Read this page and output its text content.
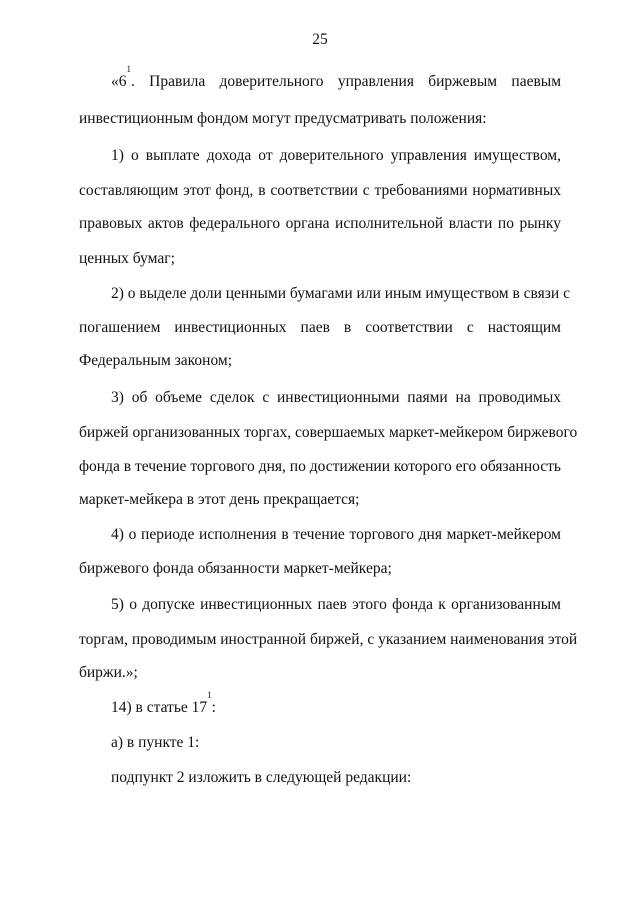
25
«$6^1$. Правила доверительного управления биржевым паевым
инвестиционным фондом могут предусматривать положения:
1) о выплате дохода от доверительного управления имуществом,
составляющим этот фонд, в соответствии с требованиями нормативных
правовых актов федерального органа исполнительной власти по рынку
ценных бумаг;
2) о выделе доли ценными бумагами или иным имуществом в связи с
погашением инвестиционных паев в соответствии с настоящим
Федеральным законом;
3) об объеме сделок с инвестиционными паями на проводимых
биржей организованных торгах, совершаемых маркет-мейкером биржевого
фонда в течение торгового дня, по достижении которого его обязанность
маркет-мейкера в этот день прекращается;
4) о периоде исполнения в течение торгового дня маркет-мейкером
биржевого фонда обязанности маркет-мейкера;
5) о допуске инвестиционных паев этого фонда к организованным
торгам, проводимым иностранной биржей, с указанием наименования этой
биржи.»;
14) в статье $17^1$:
а) в пункте 1:
подпункт 2 изложить в следующей редакции:
